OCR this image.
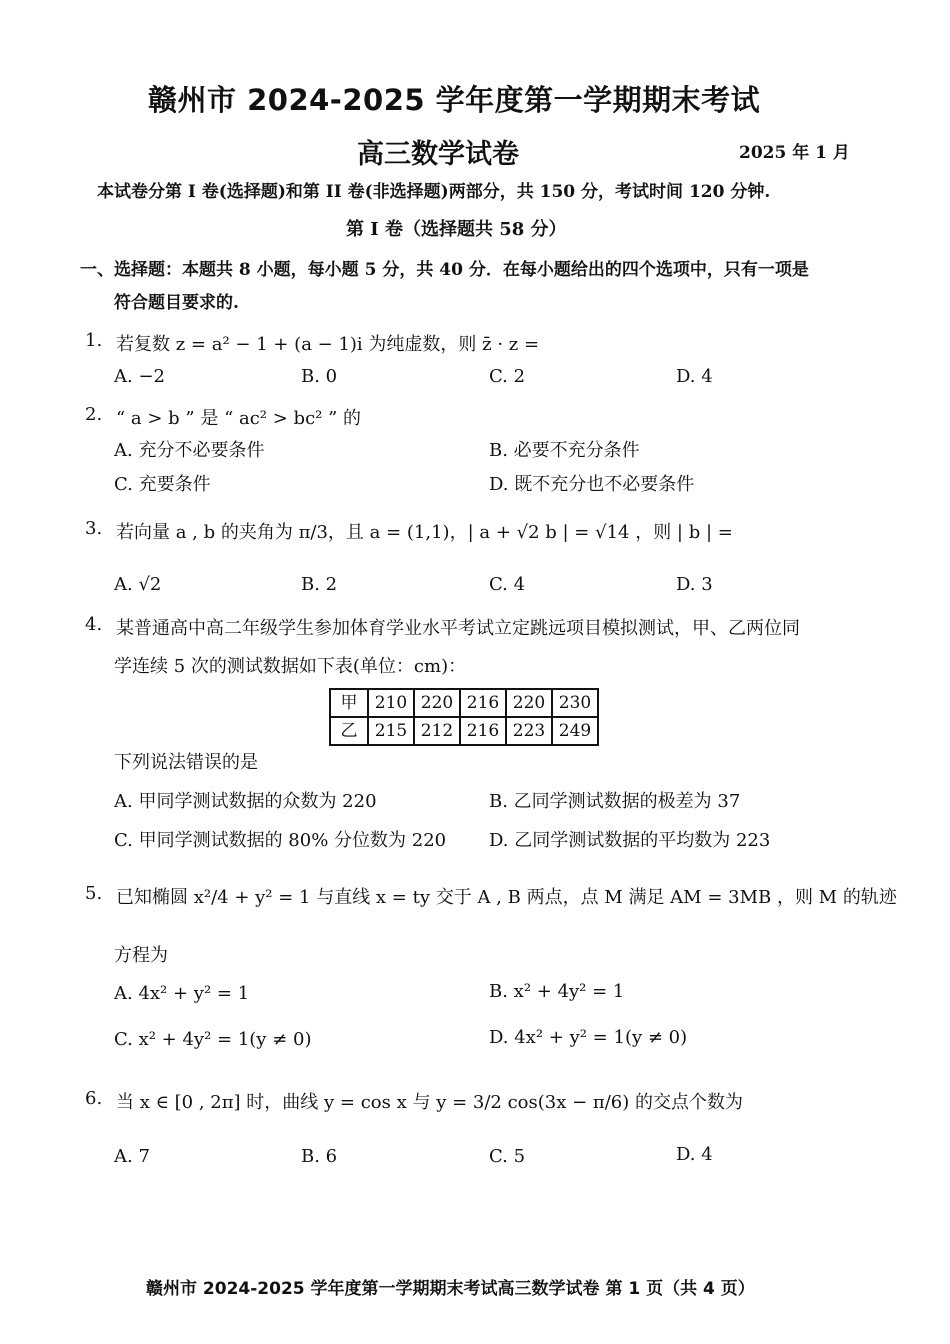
赣州市 2024-2025 学年度第一学期期末考试
高三数学试卷	2025 年 1 月
本试卷分第 I 卷(选择题)和第 II 卷(非选择题)两部分，共 150 分，考试时间 120 分钟.
第 I 卷（选择题共 58 分）
一、选择题：本题共 8 小题，每小题 5 分，共 40 分．在每小题给出的四个选项中，只有一项是
符合题目要求的.
1. 若复数 z = a² − 1 + (a − 1)i 为纯虚数，则 z̄ · z =
A. −2	B. 0	C. 2	D. 4
2. “ a > b ” 是 “ ac² > bc² ” 的
A. 充分不必要条件	B. 必要不充分条件
C. 充要条件	D. 既不充分也不必要条件
3. 若向量 a , b 的夹角为 π/3，且 a = (1,1)，| a + √2 b | = √14 ，则 | b | =
A. √2	B. 2	C. 4	D. 3
4. 某普通高中高二年级学生参加体育学业水平考试立定跳远项目模拟测试，甲、乙两位同
学连续 5 次的测试数据如下表(单位：cm)：
甲	210	220	216	220	230
乙	215	212	216	223	249
下列说法错误的是
A. 甲同学测试数据的众数为 220	B. 乙同学测试数据的极差为 37
C. 甲同学测试数据的 80% 分位数为 220 D. 乙同学测试数据的平均数为 223
5. 已知椭圆 x²/4 + y² = 1 与直线 x = ty 交于 A , B 两点，点 M 满足 AM = 3MB ，则 M 的轨迹
方程为
A. 4x² + y² = 1	B. x² + 4y² = 1
C. x² + 4y² = 1(y ≠ 0)	D. 4x² + y² = 1(y ≠ 0)
6. 当 x ∈ [0 , 2π] 时，曲线 y = cos x 与 y = 3/2 cos(3x − π/6) 的交点个数为
A. 7	B. 6	C. 5	D. 4
赣州市 2024-2025 学年度第一学期期末考试高三数学试卷 第 1 页（共 4 页）
